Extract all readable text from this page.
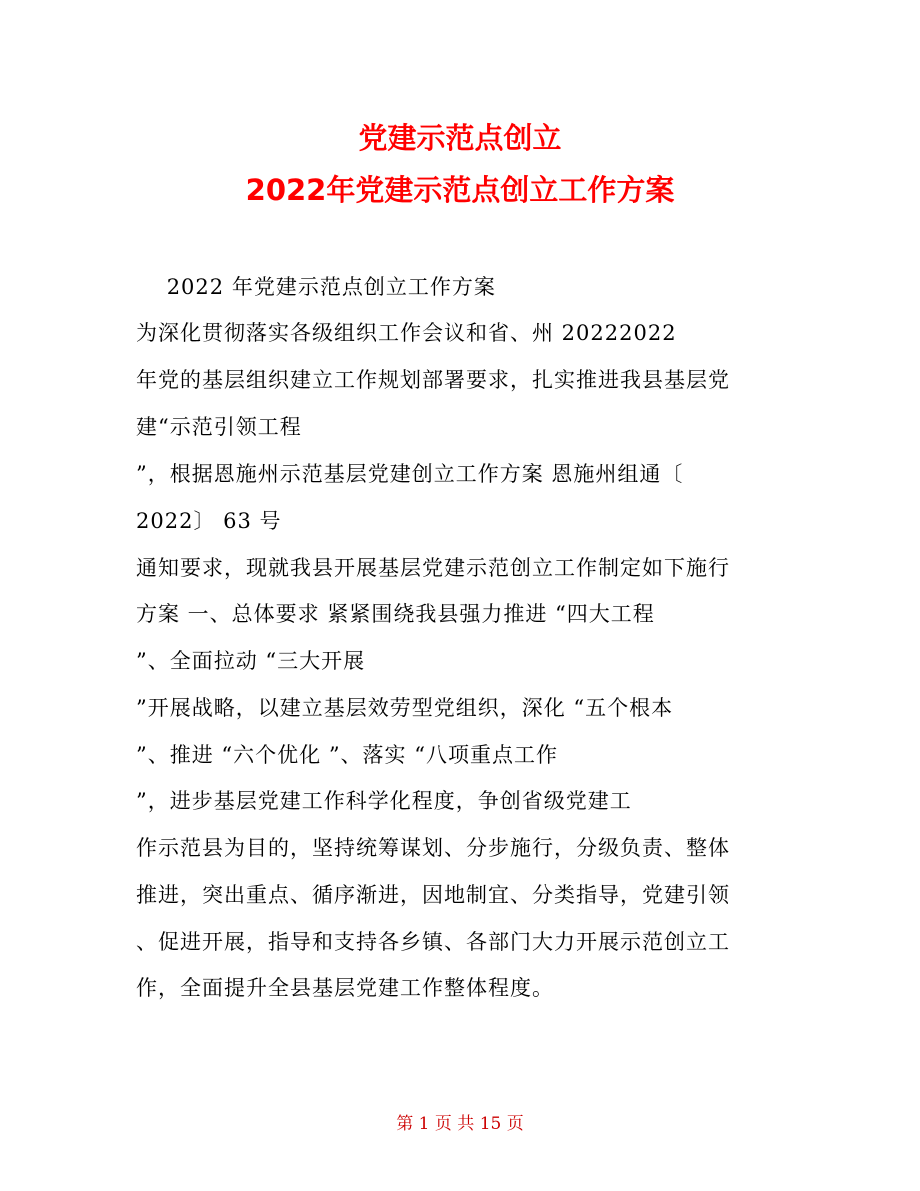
党建示范点创立
2022年党建示范点创立工作方案
2022 年党建示范点创立工作方案
为深化贯彻落实各级组织工作会议和省、州 20222022
年党的基层组织建立工作规划部署要求，扎实推进我县基层党
建“示范引领工程
”，根据恩施州示范基层党建创立工作方案 恩施州组通〔
2022〕 63 号
通知要求，现就我县开展基层党建示范创立工作制定如下施行
方案 一、总体要求 紧紧围绕我县强力推进 “四大工程
”、全面拉动 “三大开展
”开展战略，以建立基层效劳型党组织，深化 “五个根本
”、推进 “六个优化 ”、落实 “八项重点工作
”，进步基层党建工作科学化程度，争创省级党建工
作示范县为目的，坚持统筹谋划、分步施行，分级负责、整体
推进，突出重点、循序渐进，因地制宜、分类指导，党建引领
、促进开展，指导和支持各乡镇、各部门大力开展示范创立工
作，全面提升全县基层党建工作整体程度。
第 1 页 共 15 页
